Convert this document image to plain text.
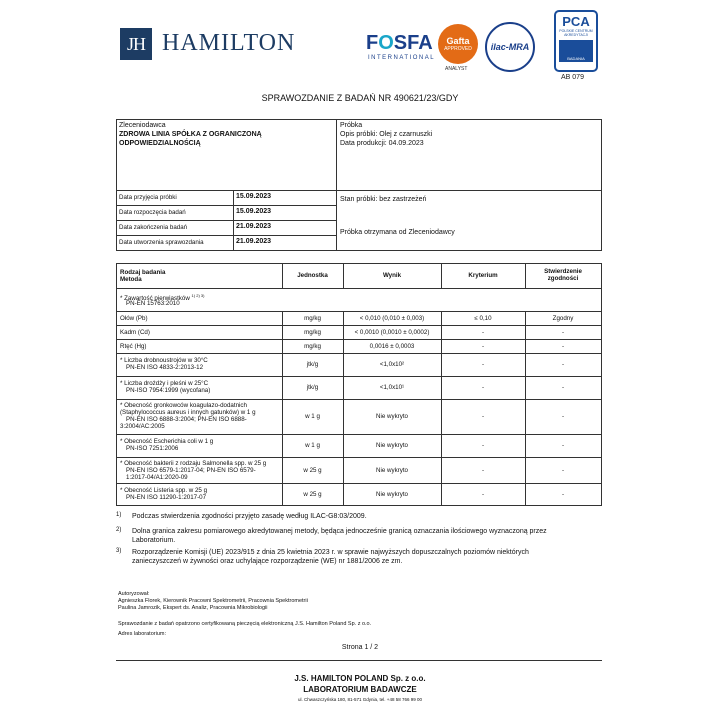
JH HAMILTON	FOSFA
INTERNATIONAL
Gafta
APPROVED
ANALYST
ilac-MRA
PCA
POLSKIE CENTRUM AKREDYTACJI
BADANIA
AB 079
SPRAWOZDANIE Z BADAŃ NR 490621/23/GDY
Zleceniodawca
ZDROWA LINIA SPÓŁKA Z OGRANICZONĄ
ODPOWIEDZIALNOŚCIĄ
Próbka
Opis próbki: Olej z czarnuszki
Data produkcji: 04.09.2023
Stan próbki: bez zastrzeżeń
Próbka otrzymana od Zleceniodawcy
Data przyjęcia próbki	15.09.2023
Data rozpoczęcia badań	15.09.2023
Data zakończenia badań	21.09.2023
Data utworzenia sprawozdania	21.09.2023
Rodzaj badania
Metoda
Jednostka	Wynik	Kryterium
Stwierdzenie
zgodności
* Zawartość pierwiastków $^{1) 2) 3)}$
PN-EN 15763:2010
Ołów (Pb)	mg/kg	< 0,010 (0,010 ± 0,003)	≤ 0,10	Zgodny
Kadm (Cd)	mg/kg	< 0,0010 (0,0010 ± 0,0002)	-	-
Rtęć (Hg)	mg/kg	0,0016 ± 0,0003	-	-
* Liczba drobnoustrojów w 30°C
PN-EN ISO 4833-2:2013-12	jtk/g	<1,0x10²	-	-
* Liczba drożdży i pleśni w 25°C
PN-ISO 7954:1999 (wycofana)	jtk/g	<1,0x10¹	-	-
* Obecność gronkowców koagulazo-dodatnich
(Staphylococcus aureus i innych gatunków) w 1 g
PN-EN ISO 6888-3:2004; PN-EN ISO 6888-
3:2004/AC:2005
w 1 g	Nie wykryto	-	-
* Obecność Escherichia coli w 1 g
PN-ISO 7251:2006	w 1 g	Nie wykryto	-	-
* Obecność bakterii z rodzaju Salmonella spp. w 25 g
PN-EN ISO 6579-1:2017-04; PN-EN ISO 6579-
1:2017-04/A1:2020-09
w 25 g	Nie wykryto	-	-
* Obecność Listeria spp. w 25 g
PN-EN ISO 11290-1:2017-07	w 25 g	Nie wykryto	-	-
1) Podczas stwierdzenia zgodności przyjęto zasadę według ILAC-G8:03/2009.
2) Dolna granica zakresu pomiarowego akredytowanej metody, będąca jednocześnie granicą oznaczania ilościowego wyznaczoną przez
Laboratorium.
3) Rozporządzenie Komisji (UE) 2023/915 z dnia 25 kwietnia 2023 r. w sprawie najwyższych dopuszczalnych poziomów niektórych
zanieczyszczeń w żywności oraz uchylające rozporządzenie (WE) nr 1881/2006 ze zm.
Autoryzował:
Agnieszka Florek, Kierownik Pracowni Spektrometrii, Pracownia Spektrometrii
Paulina Jamrozik, Ekspert ds. Analiz, Pracownia Mikrobiologii
Sprawozdanie z badań opatrzono certyfikowaną pieczęcią elektroniczną J.S. Hamilton Poland Sp. z o.o.
Adres laboratorium:
Strona 1 / 2
J.S. HAMILTON POLAND Sp. z o.o.
LABORATORIUM BADAWCZE
ul. Chwaszczyńska 180, 81-571 Gdynia, tel. +48 58 766 99 00
